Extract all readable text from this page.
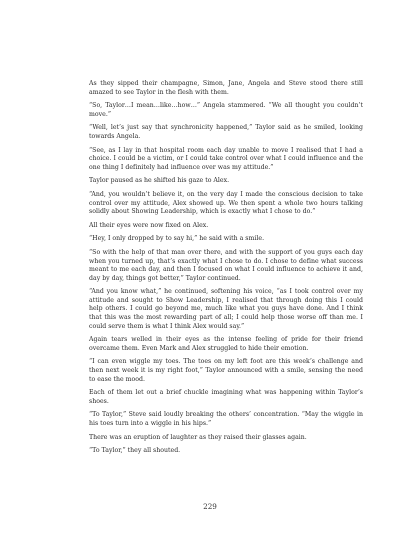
As they sipped their champagne, Simon, Jane, Angela and Steve stood there still amazed to see Taylor in the flesh with them.

“So, Taylor…I mean…like…how…” Angela stammered. “We all thought you couldn’t move.”

“Well, let’s just say that synchronicity happened,” Taylor said as he smiled, looking towards Angela.

“See, as I lay in that hospital room each day unable to move I realised that I had a choice. I could be a victim, or I could take control over what I could influence and the one thing I definitely had influence over was my attitude.”

Taylor paused as he shifted his gaze to Alex.

“And, you wouldn’t believe it, on the very day I made the conscious decision to take control over my attitude, Alex showed up. We then spent a whole two hours talking solidly about Showing Leadership, which is exactly what I chose to do.”

All their eyes were now fixed on Alex.

“Hey, I only dropped by to say hi,” he said with a smile.

“So with the help of that man over there, and with the support of you guys each day when you turned up, that’s exactly what I chose to do. I chose to define what success meant to me each day, and then I focused on what I could influence to achieve it and, day by day, things got better,” Taylor continued.

“And you know what,” he continued, softening his voice, “as I took control over my attitude and sought to Show Leadership, I realised that through doing this I could help others. I could go beyond me, much like what you guys have done. And I think that this was the most rewarding part of all; I could help those worse off than me. I could serve them is what I think Alex would say.”

Again tears welled in their eyes as the intense feeling of pride for their friend overcame them. Even Mark and Alex struggled to hide their emotion.

“I can even wiggle my toes. The toes on my left foot are this week’s challenge and then next week it is my right foot,” Taylor announced with a smile, sensing the need to ease the mood.

Each of them let out a brief chuckle imagining what was happening within Taylor’s shoes.

“To Taylor,” Steve said loudly breaking the others’ concentration. “May the wiggle in his toes turn into a wiggle in his hips.”

There was an eruption of laughter as they raised their glasses again.

“To Taylor,” they all shouted.

229
